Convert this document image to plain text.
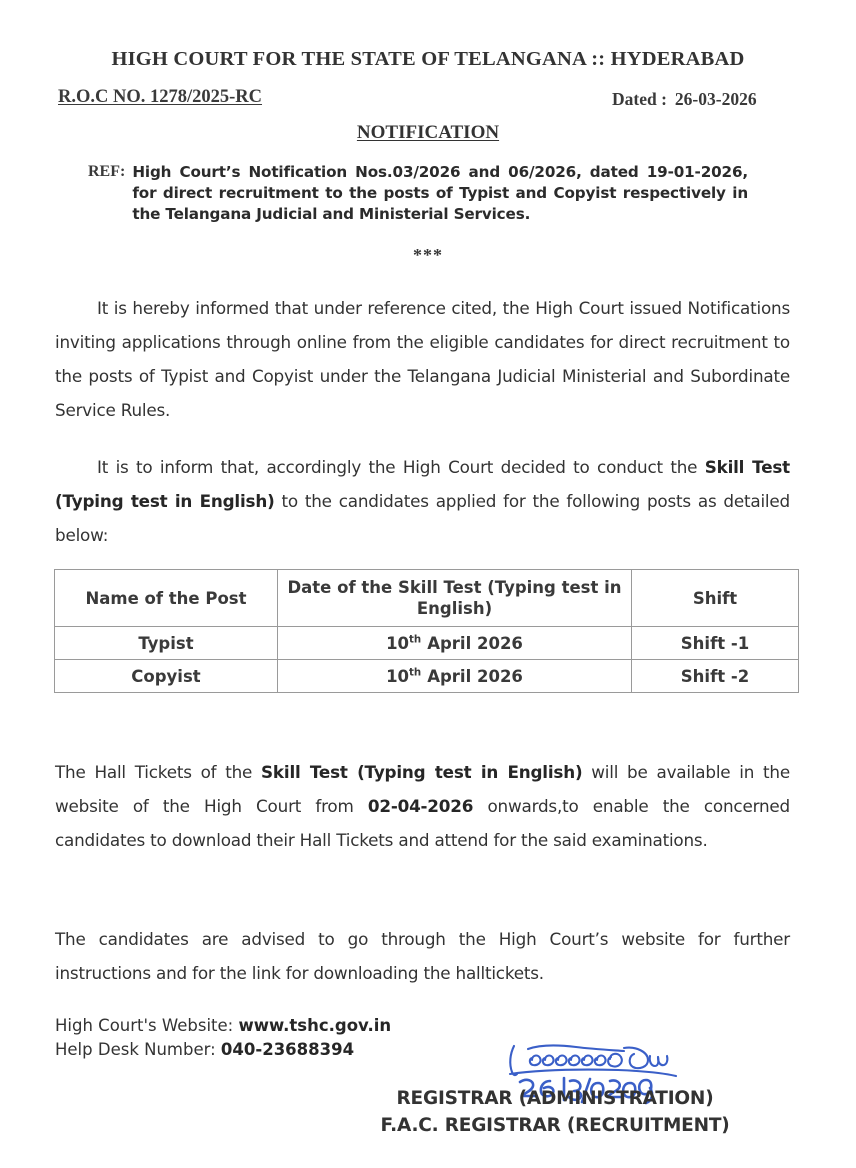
HIGH COURT FOR THE STATE OF TELANGANA :: HYDERABAD
R.O.C NO. 1278/2025-RC	Dated : 26-03-2026
NOTIFICATION
REF: High Court’s Notification Nos.03/2026 and 06/2026, dated 19-01-2026, for direct recruitment to the posts of Typist and Copyist respectively in the Telangana Judicial and Ministerial Services.
***
It is hereby informed that under reference cited, the High Court issued Notifications inviting applications through online from the eligible candidates for direct recruitment to the posts of Typist and Copyist under the Telangana Judicial Ministerial and Subordinate Service Rules.
It is to inform that, accordingly the High Court decided to conduct the Skill Test (Typing test in English) to the candidates applied for the following posts as detailed below:
Name of the Post	Date of the Skill Test (Typing test in English)	Shift
Typist	10th April 2026	Shift -1
Copyist	10th April 2026	Shift -2
The Hall Tickets of the Skill Test (Typing test in English) will be available in the website of the High Court from 02-04-2026 onwards,to enable the concerned candidates to download their Hall Tickets and attend for the said examinations.
The candidates are advised to go through the High Court’s website for further instructions and for the link for downloading the halltickets.
High Court's Website: www.tshc.gov.in
Help Desk Number: 040-23688394
REGISTRAR (ADMINISTRATION)
F.A.C. REGISTRAR (RECRUITMENT)
